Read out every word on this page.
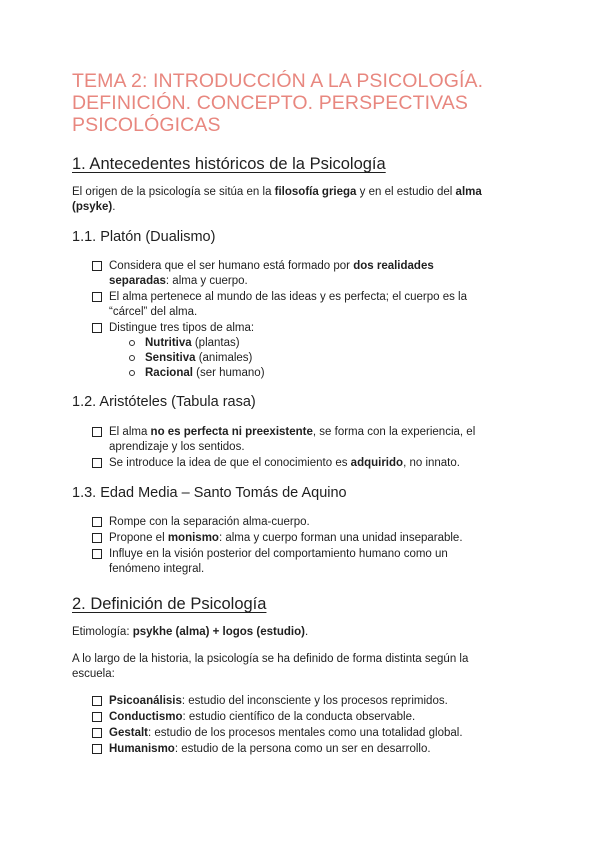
TEMA 2: INTRODUCCIÓN A LA PSICOLOGÍA.
DEFINICIÓN. CONCEPTO. PERSPECTIVAS
PSICOLÓGICAS
1. Antecedentes históricos de la Psicología
El origen de la psicología se sitúa en la filosofía griega y en el estudio del alma
(psyke).
1.1. Platón (Dualismo)
Considera que el ser humano está formado por dos realidades
separadas: alma y cuerpo.
El alma pertenece al mundo de las ideas y es perfecta; el cuerpo es la
“cárcel” del alma.
Distingue tres tipos de alma:
Nutritiva (plantas)
Sensitiva (animales)
Racional (ser humano)
1.2. Aristóteles (Tabula rasa)
El alma no es perfecta ni preexistente, se forma con la experiencia, el
aprendizaje y los sentidos.
Se introduce la idea de que el conocimiento es adquirido, no innato.
1.3. Edad Media – Santo Tomás de Aquino
Rompe con la separación alma-cuerpo.
Propone el monismo: alma y cuerpo forman una unidad inseparable.
Influye en la visión posterior del comportamiento humano como un
fenómeno integral.
2. Definición de Psicología
Etimología: psykhe (alma) + logos (estudio).
A lo largo de la historia, la psicología se ha definido de forma distinta según la
escuela:
Psicoanálisis: estudio del inconsciente y los procesos reprimidos.
Conductismo: estudio científico de la conducta observable.
Gestalt: estudio de los procesos mentales como una totalidad global.
Humanismo: estudio de la persona como un ser en desarrollo.
